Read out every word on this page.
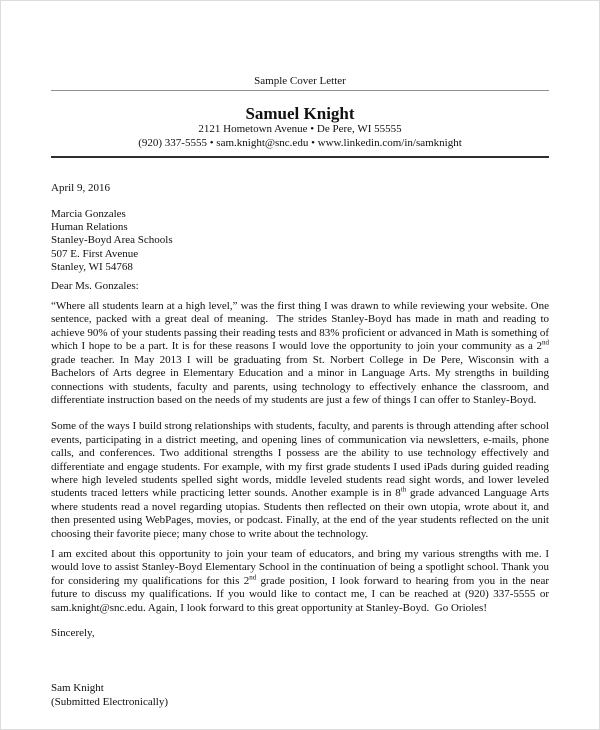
Sample Cover Letter
Samuel Knight
2121 Hometown Avenue • De Pere, WI 55555
(920) 337-5555 • sam.knight@snc.edu • www.linkedin.com/in/samknight
April 9, 2016
Marcia Gonzales
Human Relations
Stanley-Boyd Area Schools
507 E. First Avenue
Stanley, WI 54768
Dear Ms. Gonzales:

“Where all students learn at a high level,” was the first thing I was drawn to while reviewing your website. One sentence, packed with a great deal of meaning.  The strides Stanley-Boyd has made in math and reading to achieve 90% of your students passing their reading tests and 83% proficient or advanced in Math is something of which I hope to be a part. It is for these reasons I would love the opportunity to join your community as a 2nd grade teacher. In May 2013 I will be graduating from St. Norbert College in De Pere, Wisconsin with a Bachelors of Arts degree in Elementary Education and a minor in Language Arts. My strengths in building connections with students, faculty and parents, using technology to effectively enhance the classroom, and differentiate instruction based on the needs of my students are just a few of things I can offer to Stanley-Boyd.

Some of the ways I build strong relationships with students, faculty, and parents is through attending after school events, participating in a district meeting, and opening lines of communication via newsletters, e-mails, phone calls, and conferences. Two additional strengths I possess are the ability to use technology effectively and differentiate and engage students. For example, with my first grade students I used iPads during guided reading where high leveled students spelled sight words, middle leveled students read sight words, and lower leveled students traced letters while practicing letter sounds. Another example is in 8th grade advanced Language Arts where students read a novel regarding utopias. Students then reflected on their own utopia, wrote about it, and then presented using WebPages, movies, or podcast. Finally, at the end of the year students reflected on the unit choosing their favorite piece; many chose to write about the technology.

I am excited about this opportunity to join your team of educators, and bring my various strengths with me. I would love to assist Stanley-Boyd Elementary School in the continuation of being a spotlight school. Thank you for considering my qualifications for this 2nd grade position, I look forward to hearing from you in the near future to discuss my qualifications. If you would like to contact me, I can be reached at (920) 337-5555 or sam.knight@snc.edu. Again, I look forward to this great opportunity at Stanley-Boyd.  Go Orioles!

Sincerely,
Sam Knight
(Submitted Electronically)
